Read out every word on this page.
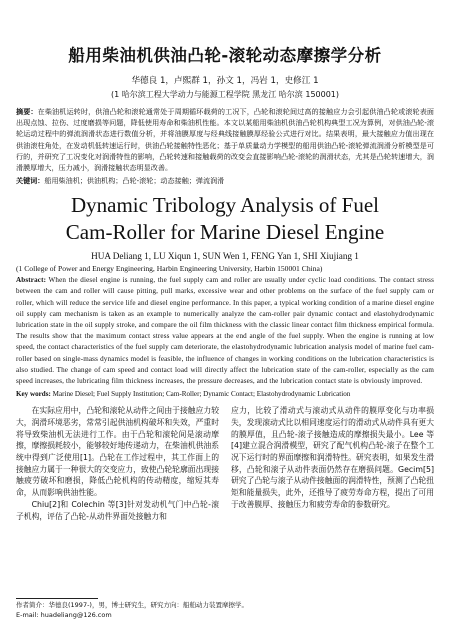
船用柴油机供油凸轮-滚轮动态摩擦学分析
华德良 1，卢熙群 1，孙文 1，冯岩 1，史修江 1
(1 哈尔滨工程大学动力与能源工程学院 黑龙江 哈尔滨 150001)
摘要：在柴油机运转时，供油凸轮和滚轮通常处于周期循环载荷的工况下，凸轮和滚轮间过高的接触应力会引起供油凸轮或滚轮表面出现点蚀、拉伤、过度磨损等问题，降低使用寿命和柴油机性能。本文以某船用柴油机供油凸轮机构典型工况为算例，对供油凸轮-滚轮运动过程中的弹流润滑状态进行数值分析，并将油膜厚度与经典线接触膜厚经验公式进行对比。结果表明，最大接触应力值出现在供油滚柱角处，在发动机低转速运行时，供油凸轮接触特性恶化；基于单质量动力学模型的船用供油凸轮-滚轮弹流润滑分析模型是可行的，并研究了工况变化对润滑特性的影响，凸轮转速和接触载荷的改变会直接影响凸轮-滚轮的润滑状态，尤其是凸轮转速增大，润滑膜厚增大，压力减小，润滑接触状态明显改善。
关键词：船用柴油机；供油机构；凸轮-滚轮；动态接触；弹流润滑
Dynamic Tribology Analysis of Fuel
Cam-Roller for Marine Diesel Engine
HUA Deliang 1, LU Xiqun 1, SUN Wen 1, FENG Yan 1, SHI Xiujiang 1
(1 College of Power and Energy Engineering, Harbin Engineering University, Harbin 150001 China)
Abstract: When the diesel engine is running, the fuel supply cam and roller are usually under cyclic load conditions. The contact stress between the cam and roller will cause pitting, pull marks, excessive wear and other problems on the surface of the fuel supply cam or roller, which will reduce the service life and diesel engine performance. In this paper, a typical working condition of a marine diesel engine oil supply cam mechanism is taken as an example to numerically analyze the cam-roller pair dynamic contact and elastohydrodynamic lubrication state in the oil supply stroke, and compare the oil film thickness with the classic linear contact film thickness empirical formula. The results show that the maximum contact stress value appears at the end angle of the fuel supply. When the engine is running at low speed, the contact characteristics of the fuel supply cam deteriorate, the elastohydrodynamic lubrication analysis model of marine fuel cam-roller based on single-mass dynamics model is feasible, the influence of changes in working conditions on the lubrication characteristics is also studied. The change of cam speed and contact load will directly affect the lubrication state of the cam-roller, especially as the cam speed increases, the lubricating film thickness increases, the pressure decreases, and the lubrication contact state is obviously improved.
Key words: Marine Diesel; Fuel Supply Institution; Cam-Roller; Dynamic Contact; Elastohydrodynamic Lubrication

在实际应用中，凸轮和滚轮从动件之间由于接触应力较大，润滑环境恶劣，常常引起供油机构破坏和失效，严重时将导致柴油机无法进行工作。由于凸轮和滚轮间是滚动摩擦，摩擦损耗较小，能够较好地传递动力，在柴油机供油系统中得到广泛使用[1]。凸轮在工作过程中，其工作面上的接触应力属于一种很大的交变应力，致使凸轮轮廓面出现接触疲劳破坏和磨损，降低凸轮机构的传动精度，缩短其寿命，从而影响供油性能。

Chiu[2]和 Colechin 等[3]针对发动机气门中凸轮-滚子机构，评估了凸轮-从动件界面处接触力和

应力，比较了滑动式与滚动式从动件的膜厚变化与功率损失，发现滚动式比以相同速度运行的滑动式从动件具有更大的膜厚值，且凸轮-滚子接触造成的摩擦损失最小。Lee 等[4]建立混合润滑模型，研究了配气机构凸轮-滚子在整个工况下运行时的界面摩擦和润滑特性。研究表明，如果发生滑移，凸轮和滚子从动件表面仍然存在磨损问题。Gecim[5]研究了凸轮与滚子从动件接触面的润滑特性，预测了凸轮扭矩和能量损失，此外，还推导了疲劳寿命方程，提出了可用于改善膜厚、接触压力和疲劳寿命的参数研究。

作者简介：华德良(1997-)，男，博士研究生，研究方向：船舶动力装置摩擦学。
E-mail: huadeliang@126.com
